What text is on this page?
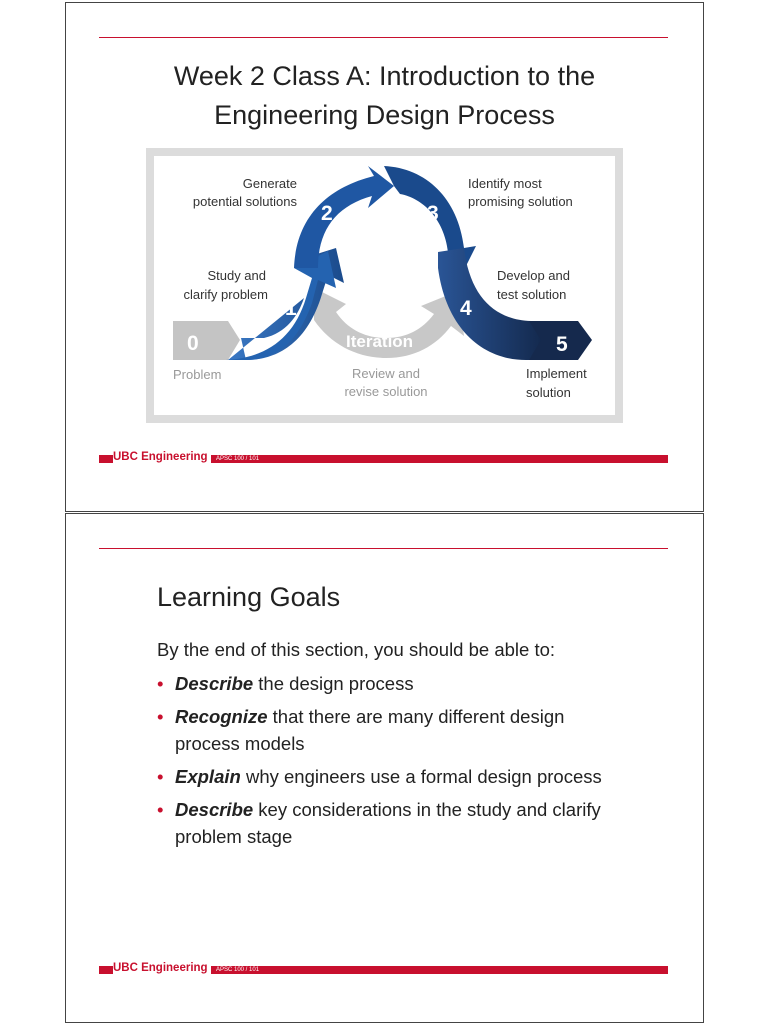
Week 2 Class A: Introduction to the
Engineering Design Process
0
1
2	3
4
5
Iteration
Problem
Study and
clarify problem
Generate
potential solutions
Identify most
promising solution
Develop and
test solution
Implement
solution
Review and
revise solution
UBC Engineering	APSC 100 / 101
Learning Goals
By the end of this section, you should be able to:
• Describe the design process
• Recognize that there are many different design process models
• Explain why engineers use a formal design process
• Describe key considerations in the study and clarify problem stage
UBC Engineering	APSC 100 / 101
